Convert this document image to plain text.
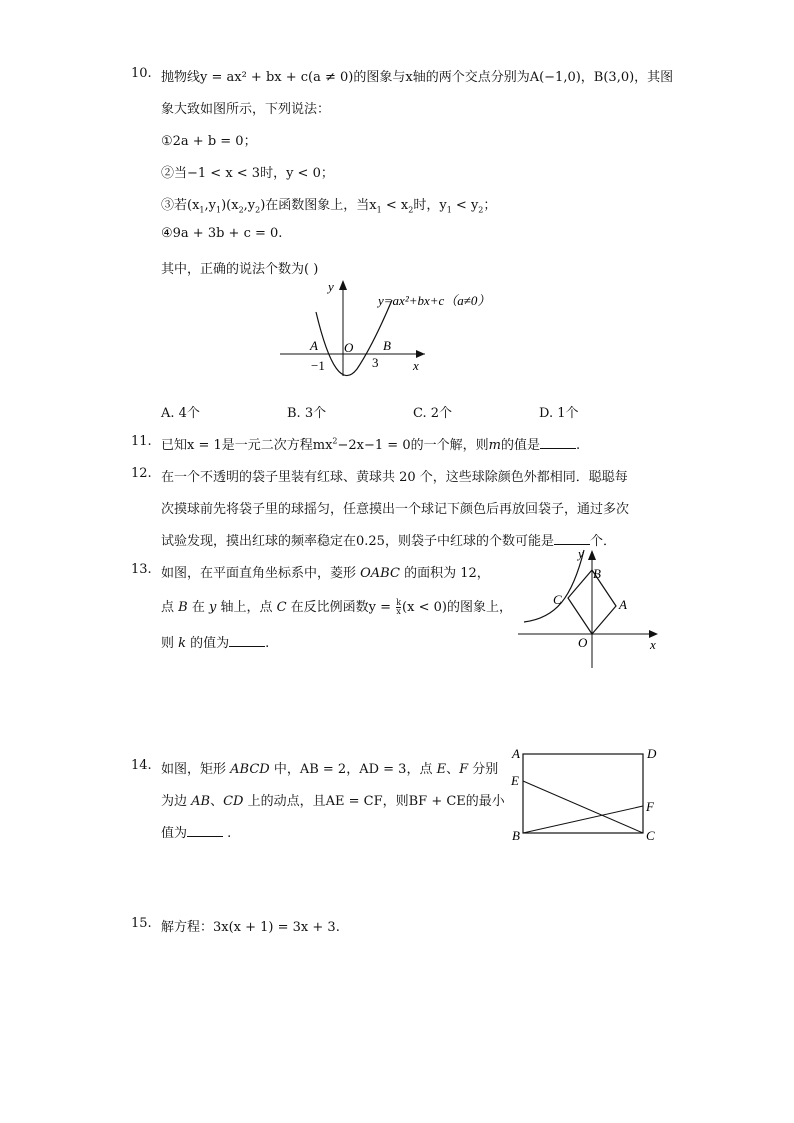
10. 抛物线y = ax² + bx + c(a ≠ 0)的图象与x轴的两个交点分别为A(−1,0)，B(3,0)，其图
象大致如图所示，下列说法：
①2a + b = 0；
②当−1 < x < 3时，y < 0；
③若$(x_1,y_1)(x_2,y_2)$在函数图象上，当$x_1 < x_2$时，$y_1 < y_2$；
④9a + 3b + c = 0.
其中，正确的说法个数为( )
y
y=ax²+bx+c（a≠0）
A O B
−1	3	x
A. 4个	B. 3个	C. 2个	D. 1个
11. 已知x = 1是一元二次方程$mx^2-2x-1 = 0$的一个解，则m的值是	.
12. 在一个不透明的袋子里装有红球、黄球共 20 个，这些球除颜色外都相同．聪聪每
次摸球前先将袋子里的球摇匀，任意摸出一个球记下颜色后再放回袋子，通过多次
试验发现，摸出红球的频率稳定在0.25，则袋子中红球的个数可能是	个．
13. 如图，在平面直角坐标系中，菱形 OABC 的面积为 12，
点 B 在 y 轴上，点 C 在反比例函数$y = \frac{k}{x} (x < 0)$的图象上，
则 k 的值为	.
y
B
C	A
O	x
14. 如图，矩形 ABCD 中，AB = 2，AD = 3，点 E、F 分别
为边 AB、CD 上的动点，且AE = CF，则BF + CE的最小
值为	.
A	D
E
F
B	C
15. 解方程：3x(x + 1) = 3x + 3.
